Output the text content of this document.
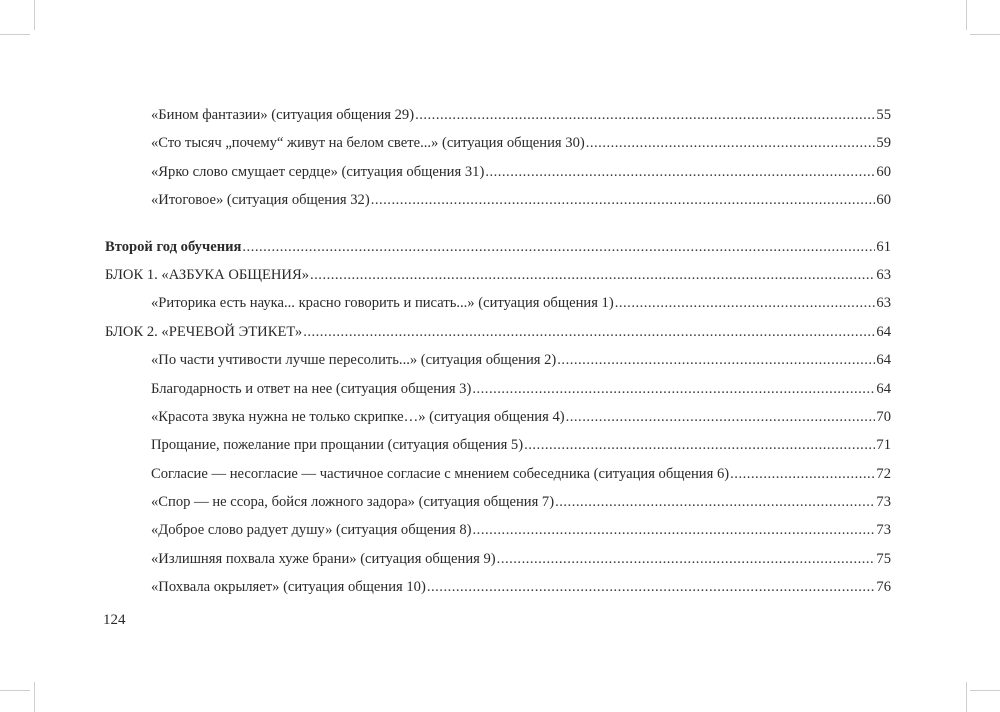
«Бином фантазии» (ситуация общения 29) .....	55
«Сто тысяч „почему“ живут на белом свете...» (ситуация общения 30) .....	59
«Ярко слово смущает сердце» (ситуация общения 31) .....	60
«Итоговое» (ситуация общения 32) .....	60
Второй год обучения .....	61
БЛОК 1. «АЗБУКА ОБЩЕНИЯ» .....	63
«Риторика есть наука... красно говорить и писать...» (ситуация общения 1) .....	63
БЛОК 2. «РЕЧЕВОЙ ЭТИКЕТ» .....	64
«По части учтивости лучше пересолить...» (ситуация общения 2) .....	64
Благодарность и ответ на нее (ситуация общения 3) .....	64
«Красота звука нужна не только скрипке…» (ситуация общения 4) .....	70
Прощание, пожелание при прощании (ситуация общения 5) .....	71
Согласие — несогласие — частичное согласие с мнением собеседника (ситуация общения 6) .....	72
«Спор — не ссора, бойся ложного задора» (ситуация общения 7) .....	73
«Доброе слово радует душу» (ситуация общения 8) .....	73
«Излишняя похвала хуже брани» (ситуация общения 9) .....	75
«Похвала окрыляет» (ситуация общения 10) .....	76
124
